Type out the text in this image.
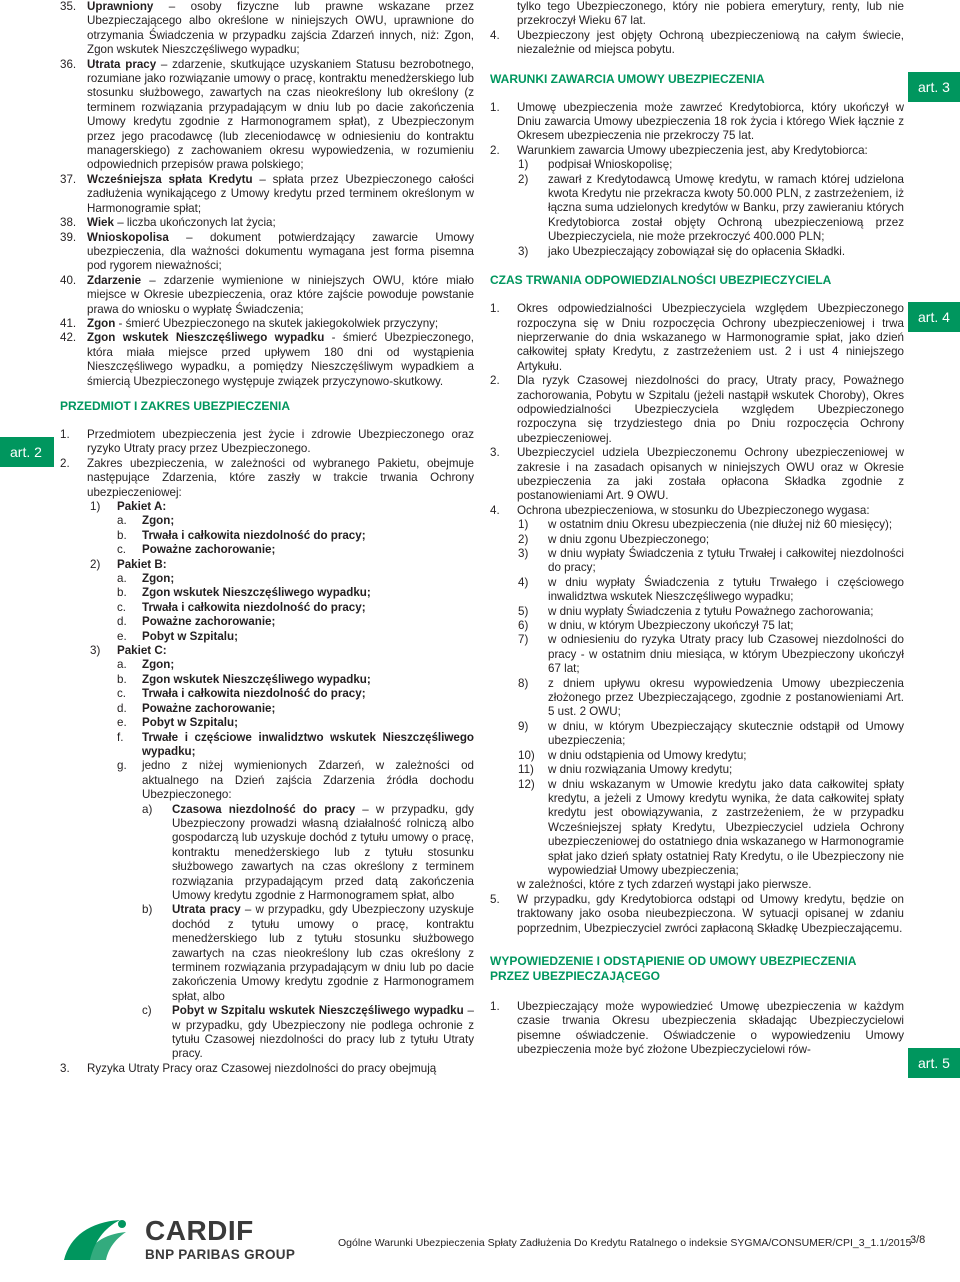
35. Uprawniony – osoby fizyczne lub prawne wskazane przez Ubezpieczającego albo określone w niniejszych OWU, uprawnione do otrzymania Świadczenia w przypadku zajścia Zdarzeń innych, niż: Zgon, Zgon wskutek Nieszczęśliwego wypadku;
36. Utrata pracy – zdarzenie, skutkujące uzyskaniem Statusu bezrobotnego, rozumiane jako rozwiązanie umowy o pracę, kontraktu menedżerskiego lub stosunku służbowego, zawartych na czas nieokreślony lub określony (z terminem rozwiązania przypadającym w dniu lub po dacie zakończenia Umowy kredytu zgodnie z Harmonogramem spłat), z Ubezpieczonym przez jego pracodawcę (lub zleceniodawcę w odniesieniu do kontraktu managerskiego) z zachowaniem okresu wypowiedzenia, w rozumieniu odpowiednich przepisów prawa polskiego;
37. Wcześniejsza spłata Kredytu – spłata przez Ubezpieczonego całości zadłużenia wynikającego z Umowy kredytu przed terminem określonym w Harmonogramie spłat;
38. Wiek – liczba ukończonych lat życia;
39. Wnioskopolisa – dokument potwierdzający zawarcie Umowy ubezpieczenia, dla ważności dokumentu wymagana jest forma pisemna pod rygorem nieważności;
40. Zdarzenie – zdarzenie wymienione w niniejszych OWU, które miało miejsce w Okresie ubezpieczenia, oraz które zajście powoduje powstanie prawa do wniosku o wypłatę Świadczenia;
41. Zgon - śmierć Ubezpieczonego na skutek jakiegokolwiek przyczyny;
42. Zgon wskutek Nieszczęśliwego wypadku - śmierć Ubezpieczonego, która miała miejsce przed upływem 180 dni od wystąpienia Nieszczęśliwego wypadku, a pomiędzy Nieszczęśliwym wypadkiem a śmiercią Ubezpieczonego występuje związek przyczynowo-skutkowy.

PRZEDMIOT I ZAKRES UBEZPIECZENIA

1. Przedmiotem ubezpieczenia jest życie i zdrowie Ubezpieczonego oraz ryzyko Utraty pracy przez Ubezpieczonego.
2. Zakres ubezpieczenia, w zależności od wybranego Pakietu, obejmuje następujące Zdarzenia, które zaszły w trakcie trwania Ochrony ubezpieczeniowej:
1) Pakiet A:
a. Zgon;
b. Trwała i całkowita niezdolność do pracy;
c. Poważne zachorowanie;
2) Pakiet B:
a. Zgon;
b. Zgon wskutek Nieszczęśliwego wypadku;
c. Trwała i całkowita niezdolność do pracy;
d. Poważne zachorowanie;
e. Pobyt w Szpitalu;
3) Pakiet C:
a. Zgon;
b. Zgon wskutek Nieszczęśliwego wypadku;
c. Trwała i całkowita niezdolność do pracy;
d. Poważne zachorowanie;
e. Pobyt w Szpitalu;
f. Trwałe i częściowe inwalidztwo wskutek Nieszczęśliwego wypadku;
g. jedno z niżej wymienionych Zdarzeń, w zależności od aktualnego na Dzień zajścia Zdarzenia źródła dochodu Ubezpieczonego:
a) Czasowa niezdolność do pracy – w przypadku, gdy Ubezpieczony prowadzi własną działalność rolniczą albo gospodarczą lub uzyskuje dochód z tytułu umowy o pracę, kontraktu menedżerskiego lub z tytułu stosunku służbowego zawartych na czas określony z terminem rozwiązania przypadającym przed datą zakończenia Umowy kredytu zgodnie z Harmonogramem spłat, albo
b) Utrata pracy – w przypadku, gdy Ubezpieczony uzyskuje dochód z tytułu umowy o pracę, kontraktu menedżerskiego lub z tytułu stosunku służbowego zawartych na czas nieokreślony lub czas określony z terminem rozwiązania przypadającym w dniu lub po dacie zakończenia Umowy kredytu zgodnie z Harmonogramem spłat, albo
c) Pobyt w Szpitalu wskutek Nieszczęśliwego wypadku – w przypadku, gdy Ubezpieczony nie podlega ochronie z tytułu Czasowej niezdolności do pracy lub z tytułu Utraty pracy.
3. Ryzyka Utraty Pracy oraz Czasowej niezdolności do pracy obejmują
art. 2
tylko tego Ubezpieczonego, który nie pobiera emerytury, renty, lub nie przekroczył Wieku 67 lat.
4. Ubezpieczony jest objęty Ochroną ubezpieczeniową na całym świecie, niezależnie od miejsca pobytu.

WARUNKI ZAWARCIA UMOWY UBEZPIECZENIA

1. Umowę ubezpieczenia może zawrzeć Kredytobiorca, który ukończył w Dniu zawarcia Umowy ubezpieczenia 18 rok życia i którego Wiek łącznie z Okresem ubezpieczenia nie przekroczy 75 lat.
2. Warunkiem zawarcia Umowy ubezpieczenia jest, aby Kredytobiorca:
1) podpisał Wnioskopolisę;
2) zawarł z Kredytodawcą Umowę kredytu, w ramach której udzielona kwota Kredytu nie przekracza kwoty 50.000 PLN, z zastrzeżeniem, iż łączna suma udzielonych kredytów w Banku, przy zawieraniu których Kredytobiorca został objęty Ochroną ubezpieczeniową przez Ubezpieczyciela, nie może przekroczyć 400.000 PLN;
3) jako Ubezpieczający zobowiązał się do opłacenia Składki.

CZAS TRWANIA ODPOWIEDZIALNOŚCI UBEZPIECZYCIELA

1. Okres odpowiedzialności Ubezpieczyciela względem Ubezpieczonego rozpoczyna się w Dniu rozpoczęcia Ochrony ubezpieczeniowej i trwa nieprzerwanie do dnia wskazanego w Harmonogramie spłat, jako dzień całkowitej spłaty Kredytu, z zastrzeżeniem ust. 2 i ust 4 niniejszego Artykułu.
2. Dla ryzyk Czasowej niezdolności do pracy, Utraty pracy, Poważnego zachorowania, Pobytu w Szpitalu (jeżeli nastąpił wskutek Choroby), Okres odpowiedzialności Ubezpieczyciela względem Ubezpieczonego rozpoczyna się trzydziestego dnia po Dniu rozpoczęcia Ochrony ubezpieczeniowej.
3. Ubezpieczyciel udziela Ubezpieczonemu Ochrony ubezpieczeniowej w zakresie i na zasadach opisanych w niniejszych OWU oraz w Okresie ubezpieczenia za jaki została opłacona Składka zgodnie z postanowieniami Art. 9 OWU.
4. Ochrona ubezpieczeniowa, w stosunku do Ubezpieczonego wygasa:
1) w ostatnim dniu Okresu ubezpieczenia (nie dłużej niż 60 miesięcy);
2) w dniu zgonu Ubezpieczonego;
3) w dniu wypłaty Świadczenia z tytułu Trwałej i całkowitej niezdolności do pracy;
4) w dniu wypłaty Świadczenia z tytułu Trwałego i częściowego inwalidztwa wskutek Nieszczęśliwego wypadku;
5) w dniu wypłaty Świadczenia z tytułu Poważnego zachorowania;
6) w dniu, w którym Ubezpieczony ukończył 75 lat;
7) w odniesieniu do ryzyka Utraty pracy lub Czasowej niezdolności do pracy - w ostatnim dniu miesiąca, w którym Ubezpieczony ukończył 67 lat;
8) z dniem upływu okresu wypowiedzenia Umowy ubezpieczenia złożonego przez Ubezpieczającego, zgodnie z postanowieniami Art. 5 ust. 2 OWU;
9) w dniu, w którym Ubezpieczający skutecznie odstąpił od Umowy ubezpieczenia;
10) w dniu odstąpienia od Umowy kredytu;
11) w dniu rozwiązania Umowy kredytu;
12) w dniu wskazanym w Umowie kredytu jako data całkowitej spłaty kredytu, a jeżeli z Umowy kredytu wynika, że data całkowitej spłaty kredytu jest obowiązywania, z zastrzeżeniem, że w przypadku Wcześniejszej spłaty Kredytu, Ubezpieczyciel udziela Ochrony ubezpieczeniowej do ostatniego dnia wskazanego w Harmonogramie spłat jako dzień spłaty ostatniej Raty Kredytu, o ile Ubezpieczony nie wypowiedział Umowy ubezpieczenia;
w zależności, które z tych zdarzeń wystąpi jako pierwsze.
5. W przypadku, gdy Kredytobiorca odstąpi od Umowy kredytu, będzie on traktowany jako osoba nieubezpieczona. W sytuacji opisanej w zdaniu poprzednim, Ubezpieczyciel zwróci zapłaconą Składkę Ubezpieczającemu.

WYPOWIEDZENIE I ODSTĄPIENIE OD UMOWY UBEZPIECZENIA

PRZEZ UBEZPIECZAJĄCEGO

1. Ubezpieczający może wypowiedzieć Umowę ubezpieczenia w każdym czasie trwania Okresu ubezpieczenia składając Ubezpieczycielowi pisemne oświadczenie. Oświadczenie o wypowiedzeniu Umowy ubezpieczenia może być złożone Ubezpieczycielowi rów-
art. 3
art. 4
art. 5
CARDIF
BNP PARIBAS GROUP
Ogólne Warunki Ubezpieczenia Spłaty Zadłużenia Do Kredytu Ratalnego o indeksie SYGMA/CONSUMER/CPI_3_1.1/2015
3/8
